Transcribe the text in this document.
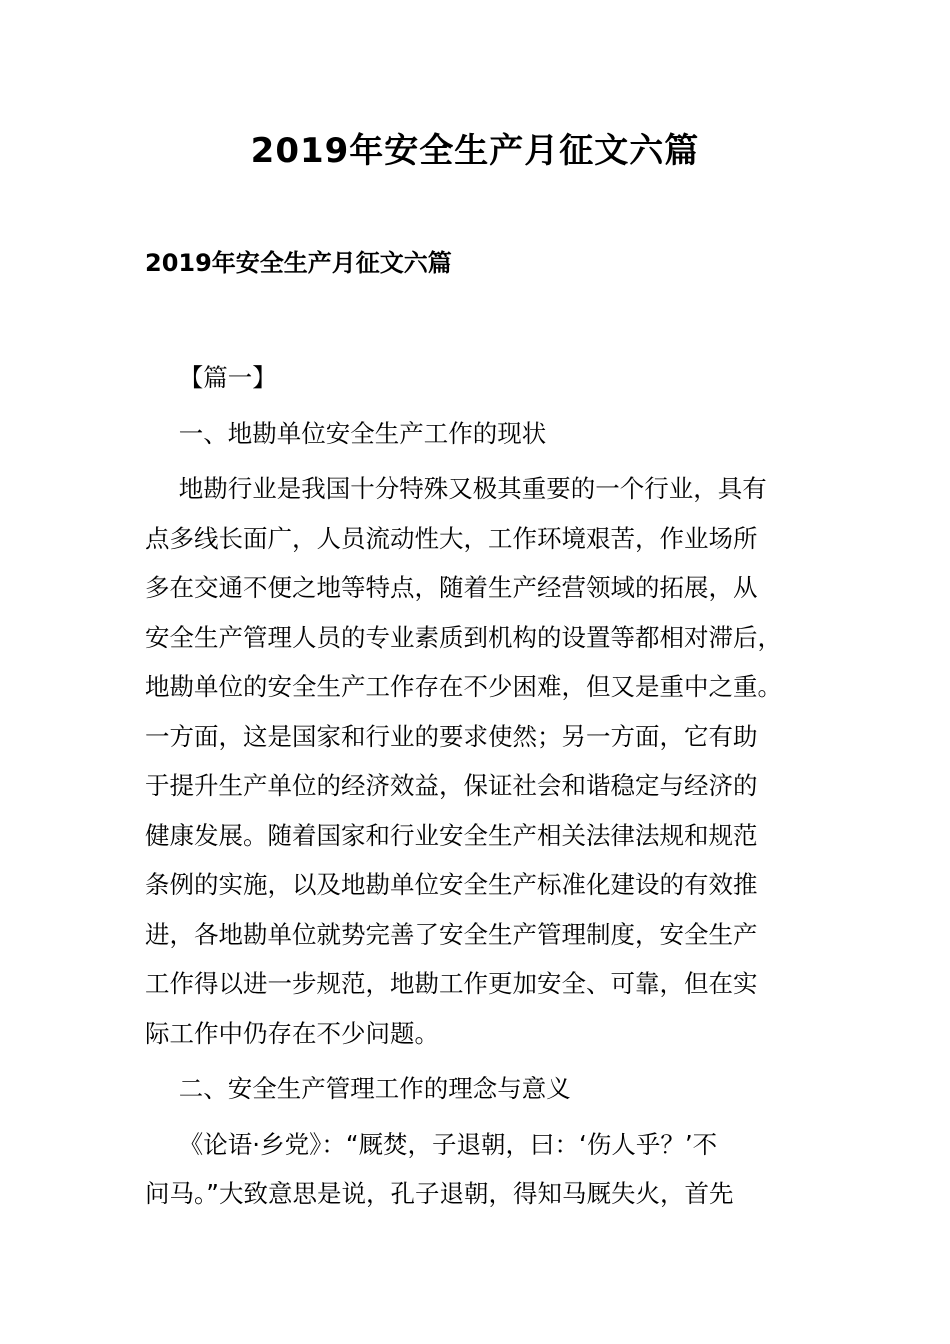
2019年安全生产月征文六篇
2019年安全生产月征文六篇

【篇一】

一、地勘单位安全生产工作的现状

地勘行业是我国十分特殊又极其重要的一个行业，具有
点多线长面广，人员流动性大，工作环境艰苦，作业场所
多在交通不便之地等特点，随着生产经营领域的拓展，从
安全生产管理人员的专业素质到机构的设置等都相对滞后，
地勘单位的安全生产工作存在不少困难，但又是重中之重。
一方面，这是国家和行业的要求使然；另一方面，它有助
于提升生产单位的经济效益，保证社会和谐稳定与经济的
健康发展。随着国家和行业安全生产相关法律法规和规范
条例的实施，以及地勘单位安全生产标准化建设的有效推
进，各地勘单位就势完善了安全生产管理制度，安全生产
工作得以进一步规范，地勘工作更加安全、可靠，但在实
际工作中仍存在不少问题。

二、安全生产管理工作的理念与意义

《论语·乡党》：“厩焚，子退朝，曰：‘伤人乎？’不
问马。”大致意思是说，孔子退朝，得知马厩失火，首先
